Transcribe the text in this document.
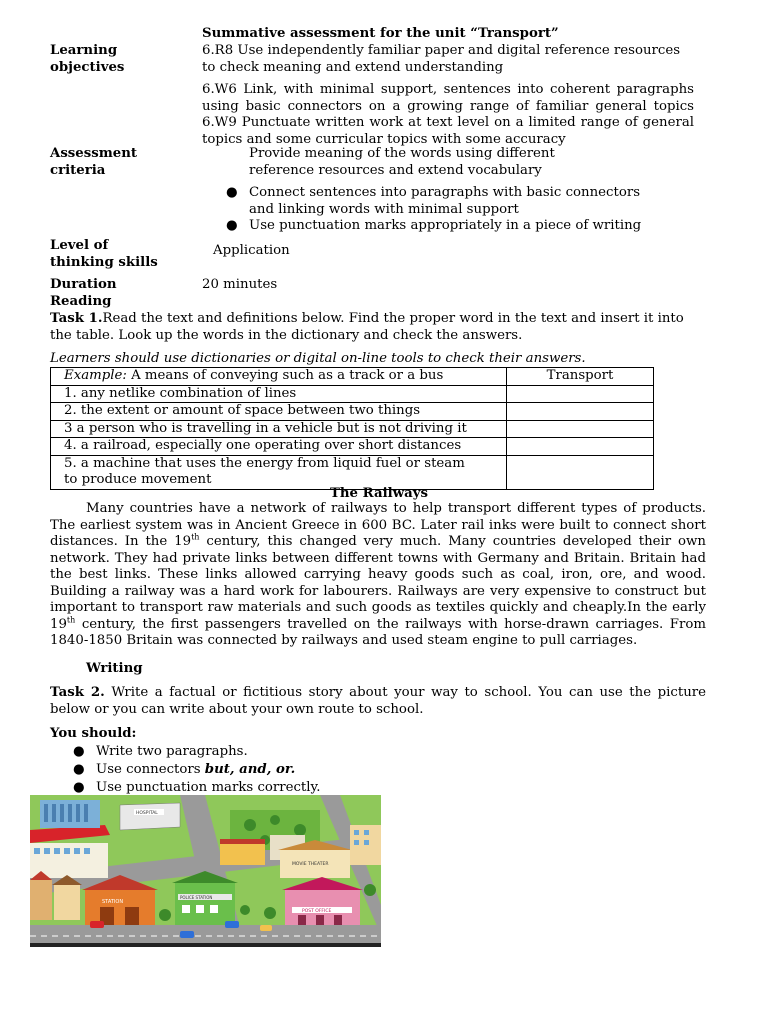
Summative assessment for the unit “Transport”
Learning objectives
6.R8 Use independently familiar paper and digital reference resources to check meaning and extend understanding
6.W6 Link, with minimal support, sentences into coherent paragraphs using basic connectors on a growing range of familiar general topics 6.W9 Punctuate written work at text level on a limited range of general topics and some curricular topics with some accuracy
Assessment criteria
Provide meaning of the words using different reference resources and extend vocabulary
● Connect sentences into paragraphs with basic connectors and linking words with minimal support
● Use punctuation marks appropriately in a piece of writing
Level of thinking skills
Application
Duration	20 minutes
Reading
Task 1.Read the text and definitions below. Find the proper word in the text and insert it into the table. Look up the words in the dictionary and check the answers.
Learners should use dictionaries or digital on-line tools to check their answers.
Example: A means of conveying such as a track or a bus	Transport
1. any netlike combination of lines	
2. the extent or amount of space between two things	
3 a person who is travelling in a vehicle but is not driving it	
4. a railroad, especially one operating over short distances	
5. a machine that uses the energy from liquid fuel or steam to produce movement	
The Railways
Many countries have a network of railways to help transport different types of products. The earliest system was in Ancient Greece in 600 BC. Later rail inks were built to connect short distances. In the 19th century, this changed very much. Many countries developed their own network. They had private links between different towns with Germany and Britain. Britain had the best links. These links allowed carrying heavy goods such as coal, iron, ore, and wood. Building a railway was a hard work for labourers. Railways are very expensive to construct but important to transport raw materials and such goods as textiles quickly and cheaply.In the early 19th century, the first passengers travelled on the railways with horse-drawn carriages. From 1840-1850 Britain was connected by railways and used steam engine to pull carriages.
Writing
Task 2. Write a factual or fictitious story about your way to school. You can use the picture below or you can write about your own route to school.
You should:
● Write two paragraphs.
● Use connectors but, and, or.
● Use punctuation marks correctly.
HOSPITAL
STATION
POLICE STATION
MOVIE THEATER
POST OFFICE
